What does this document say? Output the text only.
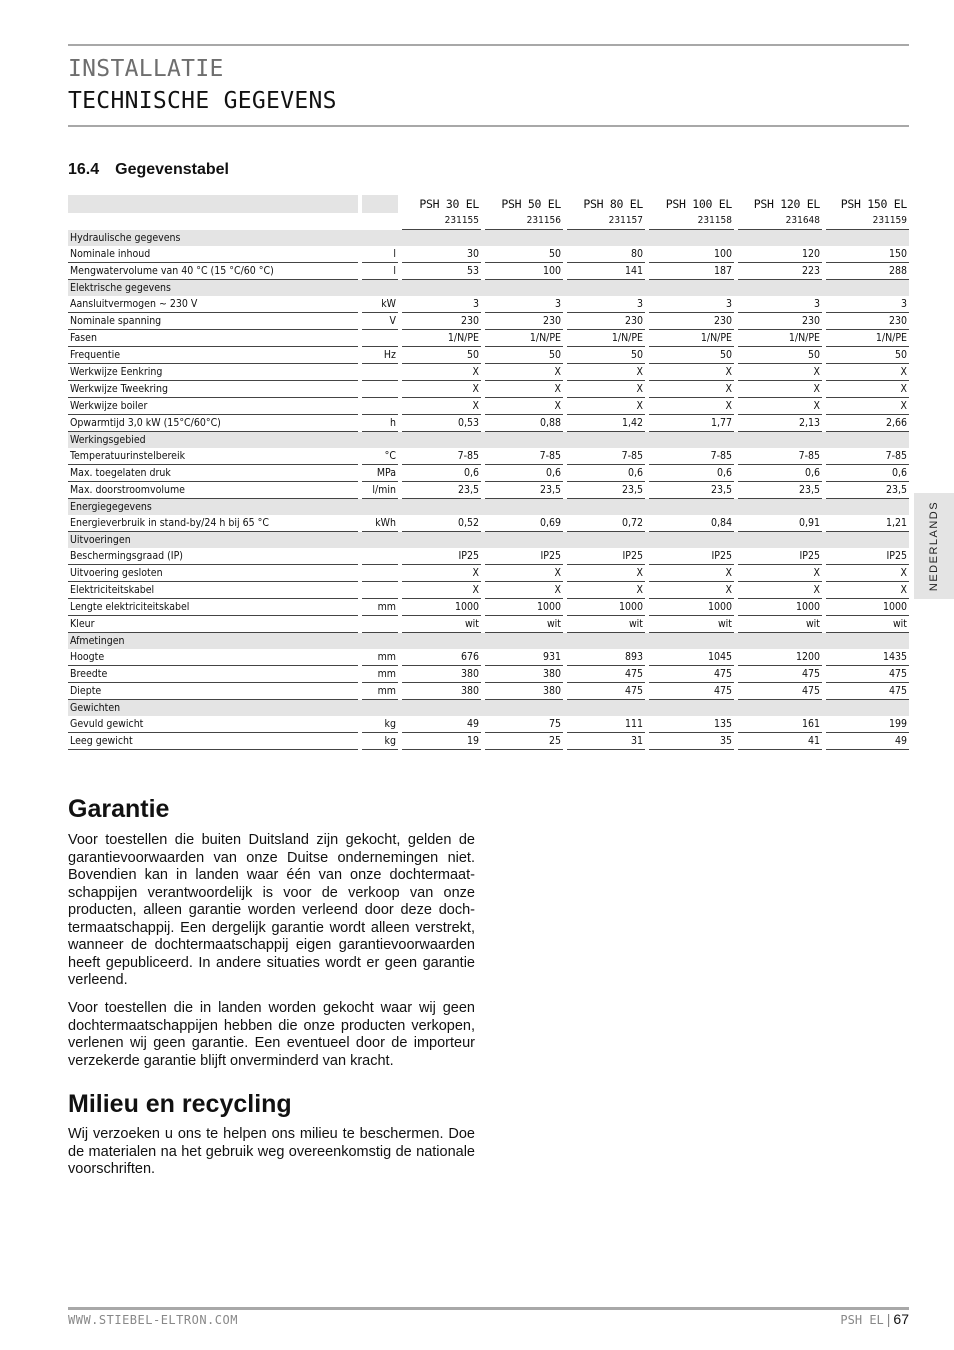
INSTALLATIE
TECHNISCHE GEGEVENS
16.4 Gegevenstabel
				PSH 30 EL		PSH 50 EL		PSH 80 EL		PSH 100 EL		PSH 120 EL		PSH 150 EL
				231155		231156		231157		231158		231648		231159
Hydraulische gegevens														
Nominale inhoud		l		30		50		80		100		120		150
Mengwatervolume van 40 °C (15 °C/60 °C)		l		53		100		141		187		223		288
Elektrische gegevens														
Aansluitvermogen ~ 230 V		kW		3		3		3		3		3		3
Nominale spanning		V		230		230		230		230		230		230
Fasen				1/N/PE		1/N/PE		1/N/PE		1/N/PE		1/N/PE		1/N/PE
Frequentie		Hz		50		50		50		50		50		50
Werkwijze Eenkring				X		X		X		X		X		X
Werkwijze Tweekring				X		X		X		X		X		X
Werkwijze boiler				X		X		X		X		X		X
Opwarmtijd 3,0 kW (15°C/60°C)		h		0,53		0,88		1,42		1,77		2,13		2,66
Werkingsgebied														
Temperatuurinstelbereik		°C		7-85		7-85		7-85		7-85		7-85		7-85
Max. toegelaten druk		MPa		0,6		0,6		0,6		0,6		0,6		0,6
Max. doorstroomvolume		l/min		23,5		23,5		23,5		23,5		23,5		23,5
Energiegegevens														
Energieverbruik in stand-by/24 h bij 65 °C		kWh		0,52		0,69		0,72		0,84		0,91		1,21
Uitvoeringen														
Beschermingsgraad (IP)				IP25		IP25		IP25		IP25		IP25		IP25
Uitvoering gesloten				X		X		X		X		X		X
Elektriciteitskabel				X		X		X		X		X		X
Lengte elektriciteitskabel		mm		1000		1000		1000		1000		1000		1000
Kleur				wit		wit		wit		wit		wit		wit
Afmetingen														
Hoogte		mm		676		931		893		1045		1200		1435
Breedte		mm		380		380		475		475		475		475
Diepte		mm		380		380		475		475		475		475
Gewichten														
Gevuld gewicht		kg		49		75		111		135		161		199
Leeg gewicht		kg		19		25		31		35		41		49
NEDERLANDS
Garantie
Voor toestellen die buiten Duitsland zijn gekocht, gelden de garantievoorwaarden van onze Duitse ondernemingen niet. Bovendien kan in landen waar één van onze dochtermaatschappijen verantwoordelijk is voor de verkoop van onze producten, alleen garantie worden verleend door deze dochtermaatschappij. Een dergelijk garantie wordt alleen verstrekt, wanneer de dochtermaatschappij eigen garantievoorwaarden heeft gepubliceerd. In andere situaties wordt er geen garantie verleend.
Voor toestellen die in landen worden gekocht waar wij geen dochtermaatschappijen hebben die onze producten verkopen, verlenen wij geen garantie. Een eventueel door de importeur verzekerde garantie blijft onverminderd van kracht.
Milieu en recycling
Wij verzoeken u ons te helpen ons milieu te beschermen. Doe de materialen na het gebruik weg overeenkomstig de nationale voorschriften.
WWW.STIEBEL-ELTRON.COM	PSH EL | 67
